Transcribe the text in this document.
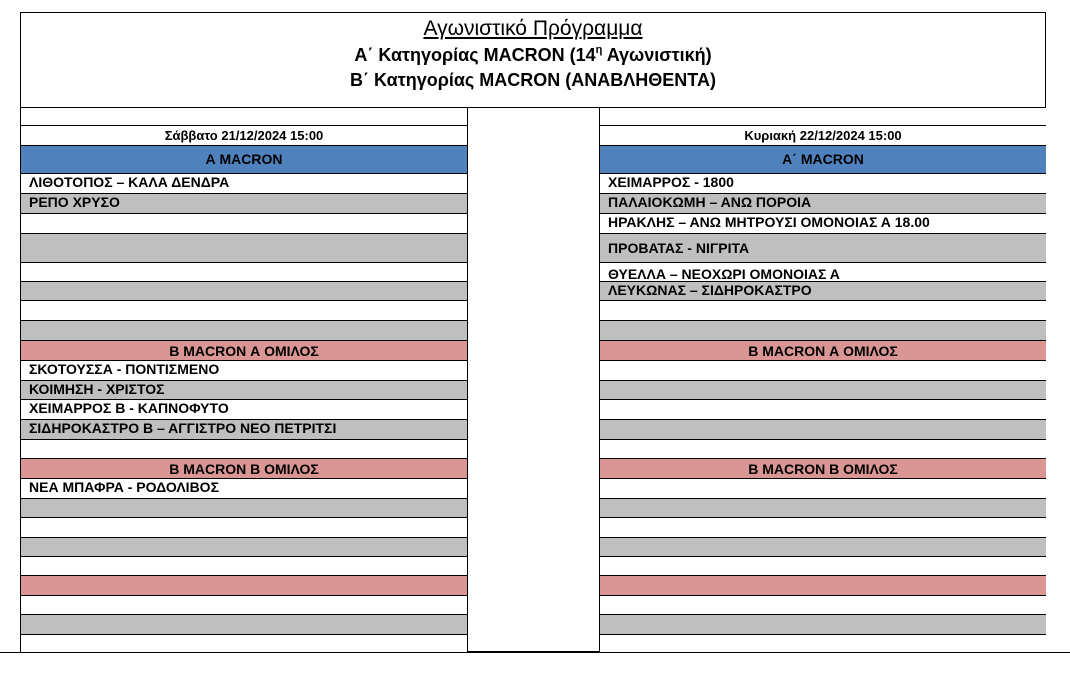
Αγωνιστικό Πρόγραμμα
Α΄ Κατηγορίας MACRON ($14^\eta$ Αγωνιστική)
Β΄ Κατηγορίας MACRON (ΑΝΑΒΛΗΘΕΝΤΑ)
Σάββατο 21/12/2024 15:00
Α MACRON
ΛΙΘΟΤΟΠΟΣ – ΚΑΛΑ ΔΕΝΔΡΑ
ΡΕΠΟ ΧΡΥΣΟ
Β MACRON Α ΟΜΙΛΟΣ
ΣΚΟΤΟΥΣΣΑ - ΠΟΝΤΙΣΜΕΝΟ
ΚΟΙΜΗΣΗ - ΧΡΙΣΤΟΣ
ΧΕΙΜΑΡΡΟΣ Β - ΚΑΠΝΟΦΥΤΟ
ΣΙΔΗΡΟΚΑΣΤΡΟ Β – ΑΓΓΙΣΤΡΟ ΝΕΟ ΠΕΤΡΙΤΣΙ
Β MACRON Β ΟΜΙΛΟΣ
ΝΕΑ ΜΠΑΦΡΑ - ΡΟΔΟΛΙΒΟΣ
Κυριακή 22/12/2024 15:00
Α΄ MACRON
ΧΕΙΜΑΡΡΟΣ - 1800
ΠΑΛΑΙΟΚΩΜΗ – ΑΝΩ ΠΟΡΟΙΑ
ΗΡΑΚΛΗΣ – ΑΝΩ ΜΗΤΡΟΥΣΙ ΟΜΟΝΟΙΑΣ Α 18.00
ΠΡΟΒΑΤΑΣ - ΝΙΓΡΙΤΑ
ΘΥΕΛΛΑ – ΝΕΟΧΩΡΙ ΟΜΟΝΟΙΑΣ Α
ΛΕΥΚΩΝΑΣ – ΣΙΔΗΡΟΚΑΣΤΡΟ
Β MACRON Α ΟΜΙΛΟΣ
Β MACRON Β ΟΜΙΛΟΣ
